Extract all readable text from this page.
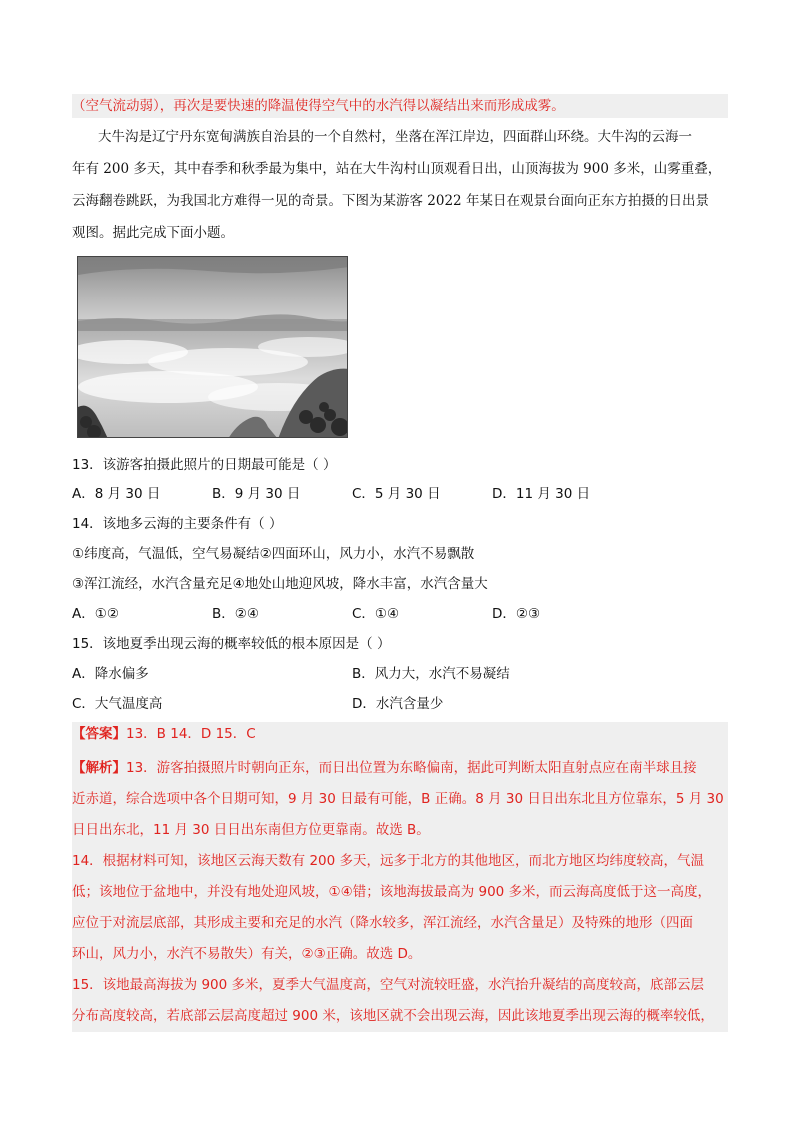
（空气流动弱），再次是要快速的降温使得空气中的水汽得以凝结出来而形成成雾。
大牛沟是辽宁丹东宽甸满族自治县的一个自然村，坐落在浑江岸边，四面群山环绕。大牛沟的云海一
年有 200 多天，其中春季和秋季最为集中，站在大牛沟村山顶观看日出，山顶海拔为 900 多米，山雾重叠，
云海翻卷跳跃，为我国北方难得一见的奇景。下图为某游客 2022 年某日在观景台面向正东方拍摄的日出景
观图。据此完成下面小题。
13．该游客拍摄此照片的日期最可能是（ ）
A．8 月 30 日	B．9 月 30 日	C．5 月 30 日	D．11 月 30 日
14．该地多云海的主要条件有（ ）
①纬度高，气温低，空气易凝结②四面环山，风力小，水汽不易飘散
③浑江流经，水汽含量充足④地处山地迎风坡，降水丰富，水汽含量大
A．①②	B．②④	C．①④	D．②③
15．该地夏季出现云海的概率较低的根本原因是（ ）
A．降水偏多	B．风力大，水汽不易凝结
C．大气温度高	D．水汽含量少
【答案】13．B 14．D 15．C
【解析】13．游客拍摄照片时朝向正东，而日出位置为东略偏南，据此可判断太阳直射点应在南半球且接
近赤道，综合选项中各个日期可知，9 月 30 日最有可能，B 正确。8 月 30 日日出东北且方位靠东，5 月 30
日日出东北，11 月 30 日日出东南但方位更靠南。故选 B。
14．根据材料可知，该地区云海天数有 200 多天，远多于北方的其他地区，而北方地区均纬度较高，气温
低；该地位于盆地中，并没有地处迎风坡，①④错；该地海拔最高为 900 多米，而云海高度低于这一高度，
应位于对流层底部，其形成主要和充足的水汽（降水较多，浑江流经，水汽含量足）及特殊的地形（四面
环山，风力小，水汽不易散失）有关，②③正确。故选 D。
15．该地最高海拔为 900 多米，夏季大气温度高，空气对流较旺盛，水汽抬升凝结的高度较高，底部云层
分布高度较高，若底部云层高度超过 900 米，该地区就不会出现云海，因此该地夏季出现云海的概率较低，
